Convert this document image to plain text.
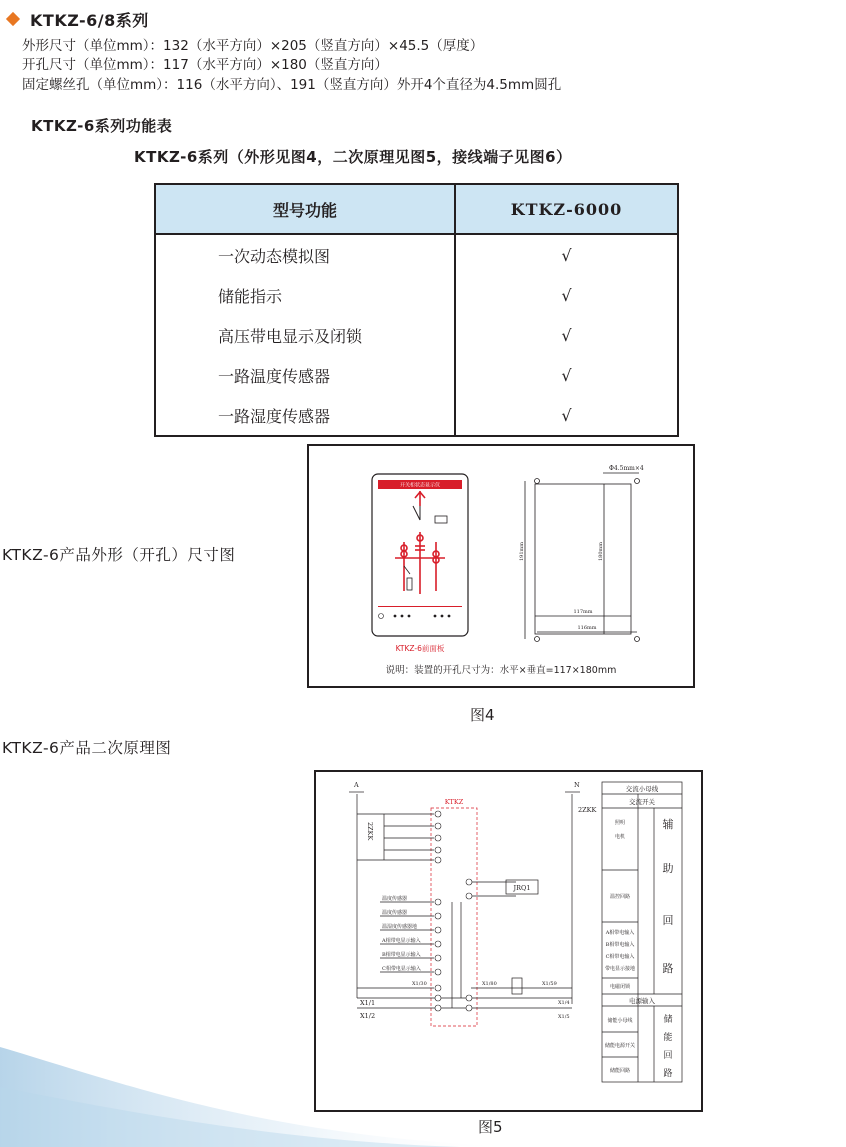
KTKZ-6/8系列
外形尺寸（单位mm）：132（水平方向）×205（竖直方向）×45.5（厚度）
开孔尺寸（单位mm）：117（水平方向）×180（竖直方向）
固定螺丝孔（单位mm）：116（水平方向）、191（竖直方向）外开4个直径为4.5mm圆孔
KTKZ-6系列功能表
KTKZ-6系列（外形见图4，二次原理见图5，接线端子见图6）
型号功能	KTKZ-6000
一次动态模拟图	√
储能指示	√
高压带电显示及闭锁	√
一路温度传感器	√
一路湿度传感器	√
KTKZ-6产品外形（开孔）尺寸图
开关柜状态显示仪
KTKZ-6前面板
Φ4.5mm×4
191mm	180mm
117mm
116mm
说明：装置的开孔尺寸为：水平×垂直=117×180mm
图4
KTKZ-6产品二次原理图
KTKZ
A	N
2ZKK
2ZKK
JRQ1
X1/1
X1/2
X1/30	X1/80	X1/59
X1/4
X1/5
温度传感器
温度传感器
温湿度传感器地
A相带电显示输入
B相带电显示输入
C相带电显示输入
交流小母线
交流开关
照明
电机
温控回路
A相带电输入
B相带电输入
C相带电输入
带电显示接地
电磁闭锁
电源输入
储能小母线
储能电源开关
储能回路
辅
助
回
路
储
能
回
路
图5
